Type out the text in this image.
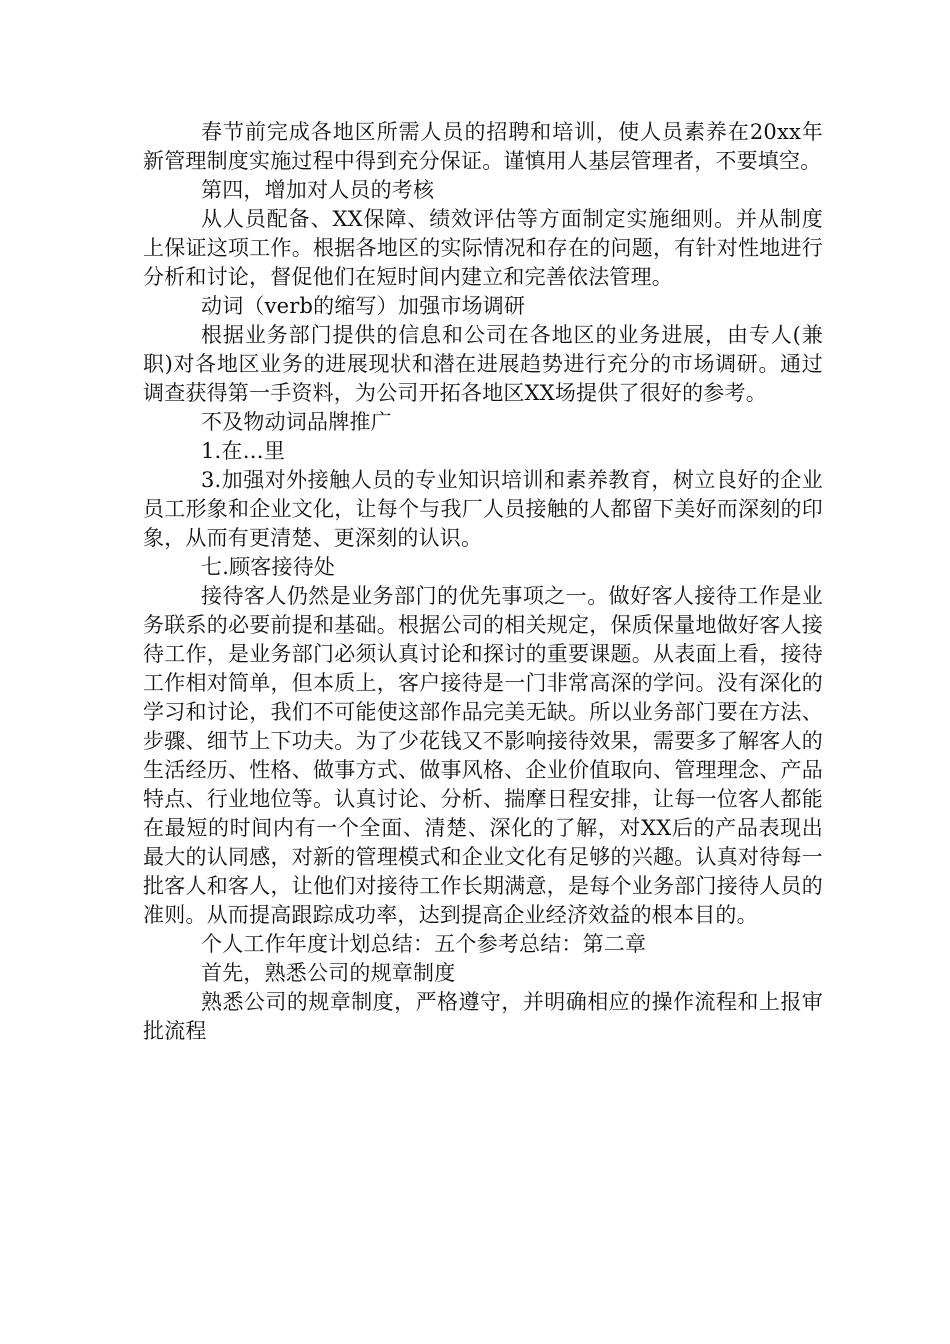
春节前完成各地区所需人员的招聘和培训，使人员素养在20xx年新管理制度实施过程中得到充分保证。谨慎用人基层管理者，不要填空。

第四，增加对人员的考核

从人员配备、XX保障、绩效评估等方面制定实施细则。并从制度上保证这项工作。根据各地区的实际情况和存在的问题，有针对性地进行分析和讨论，督促他们在短时间内建立和完善依法管理。

动词（verb的缩写）加强市场调研

根据业务部门提供的信息和公司在各地区的业务进展，由专人(兼职)对各地区业务的进展现状和潜在进展趋势进行充分的市场调研。通过调查获得第一手资料，为公司开拓各地区XX场提供了很好的参考。

不及物动词品牌推广

1.在…里

3.加强对外接触人员的专业知识培训和素养教育，树立良好的企业员工形象和企业文化，让每个与我厂人员接触的人都留下美好而深刻的印象，从而有更清楚、更深刻的认识。

七.顾客接待处

接待客人仍然是业务部门的优先事项之一。做好客人接待工作是业务联系的必要前提和基础。根据公司的相关规定，保质保量地做好客人接待工作，是业务部门必须认真讨论和探讨的重要课题。从表面上看，接待工作相对简单，但本质上，客户接待是一门非常高深的学问。没有深化的学习和讨论，我们不可能使这部作品完美无缺。所以业务部门要在方法、步骤、细节上下功夫。为了少花钱又不影响接待效果，需要多了解客人的生活经历、性格、做事方式、做事风格、企业价值取向、管理理念、产品特点、行业地位等。认真讨论、分析、揣摩日程安排，让每一位客人都能在最短的时间内有一个全面、清楚、深化的了解，对XX后的产品表现出最大的认同感，对新的管理模式和企业文化有足够的兴趣。认真对待每一批客人和客人，让他们对接待工作长期满意，是每个业务部门接待人员的准则。从而提高跟踪成功率，达到提高企业经济效益的根本目的。

个人工作年度计划总结：五个参考总结：第二章

首先，熟悉公司的规章制度

熟悉公司的规章制度，严格遵守，并明确相应的操作流程和上报审批流程
